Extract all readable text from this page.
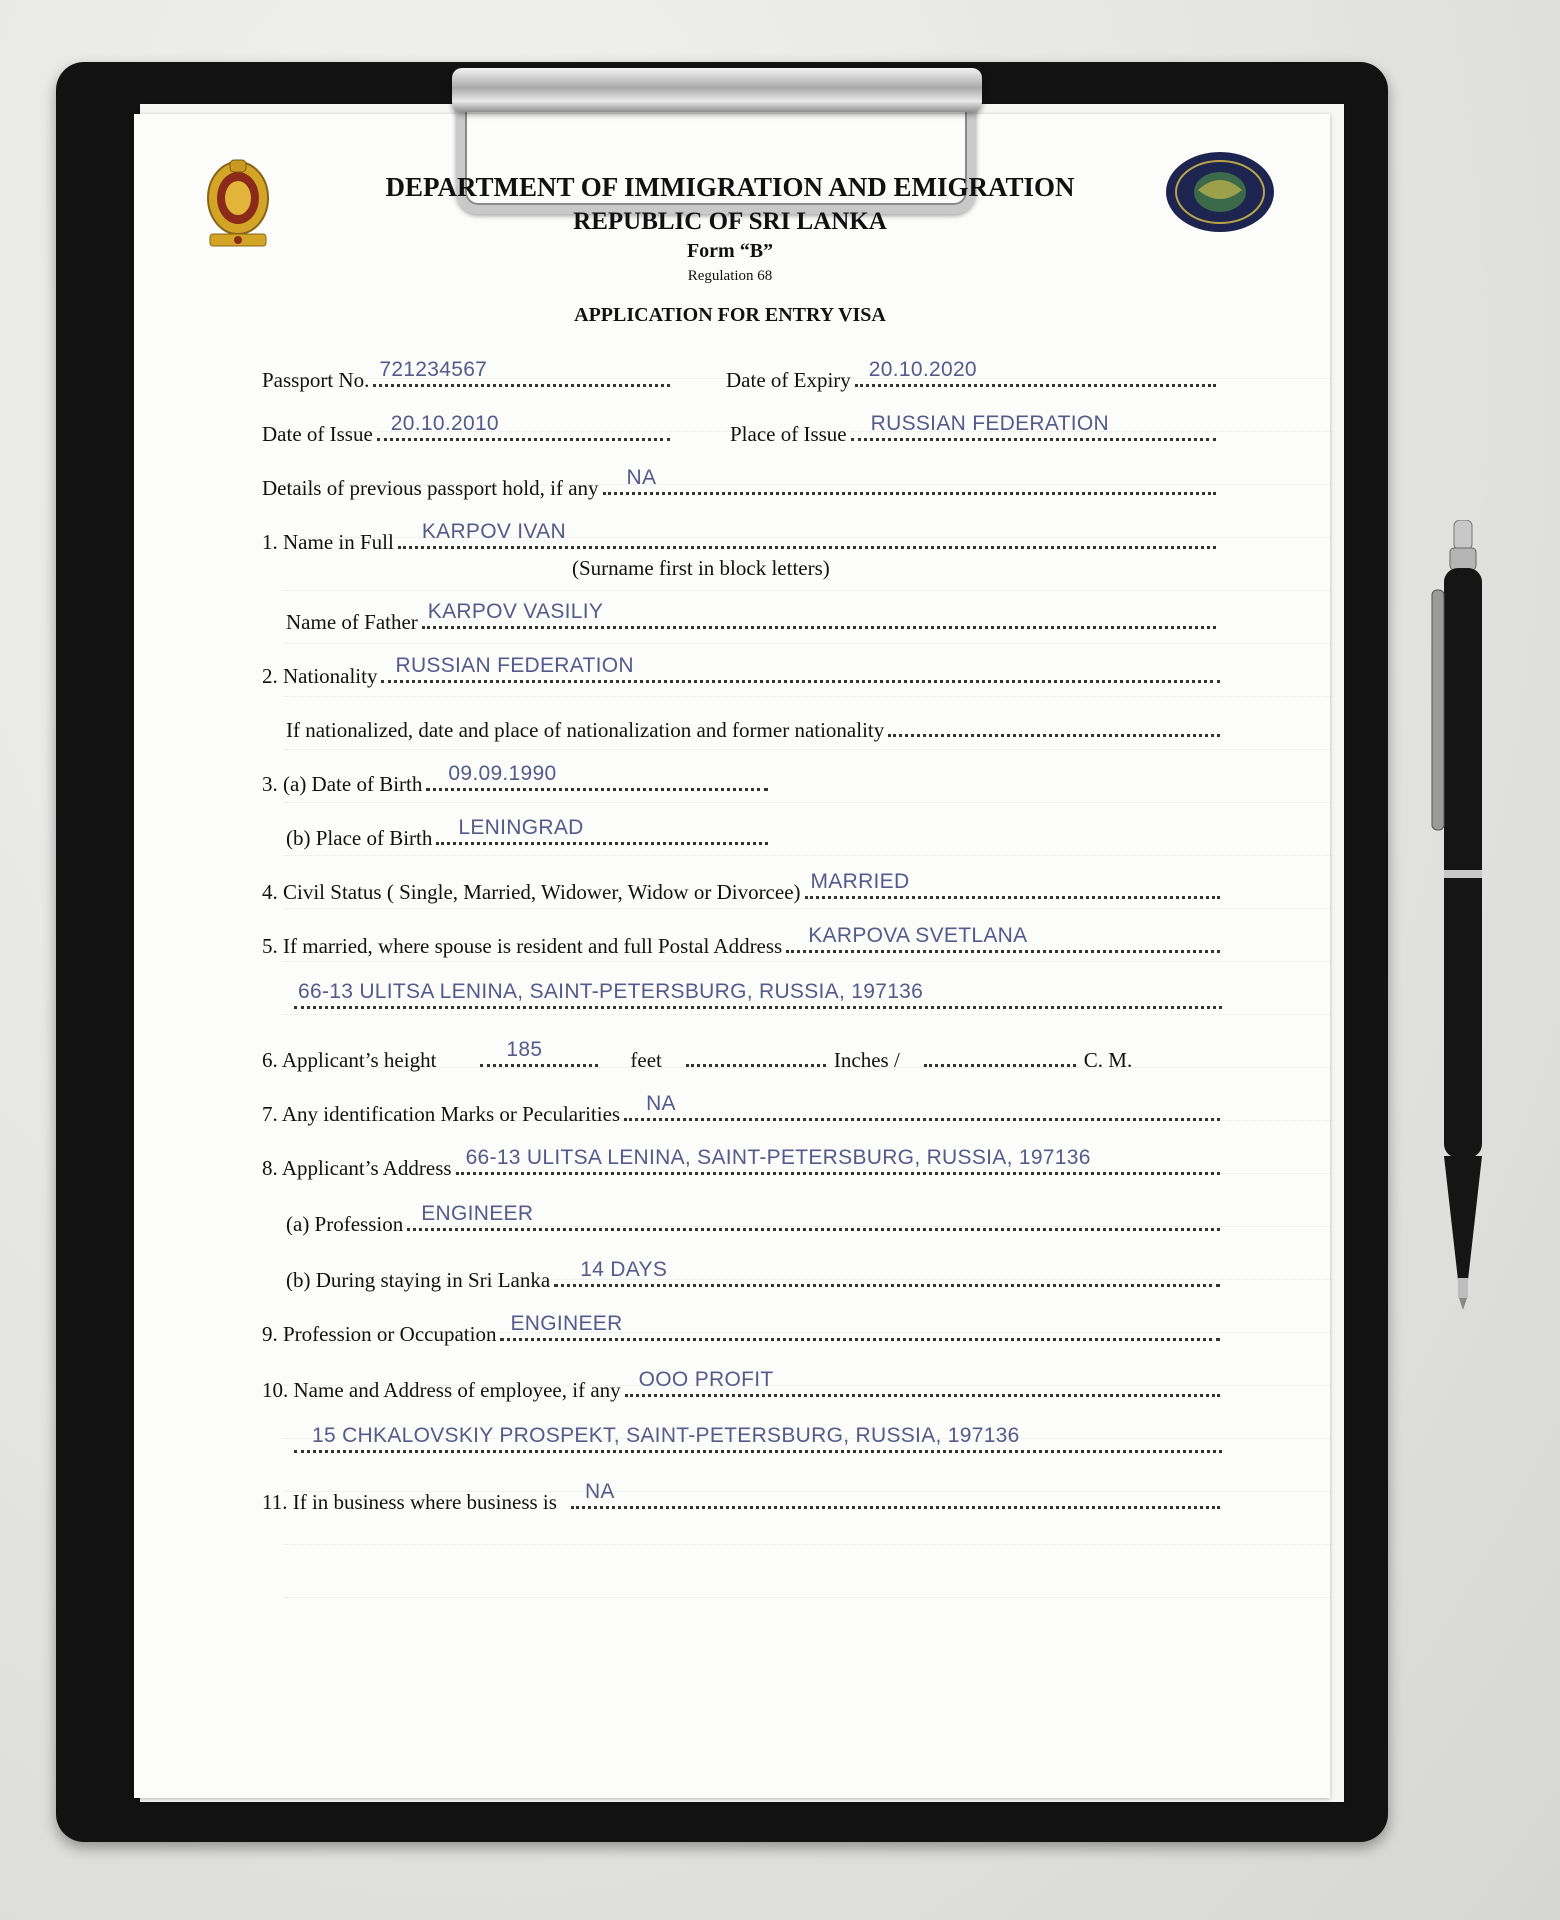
DEPARTMENT OF IMMIGRATION AND EMIGRATION
REPUBLIC OF SRI LANKA
Form “B”
Regulation 68
APPLICATION FOR ENTRY VISA
Passport No. 721234567	Date of Expiry 20.10.2020
Date of Issue 20.10.2010	Place of Issue RUSSIAN FEDERATION
Details of previous passport hold, if any NA
1. Name in Full KARPOV IVAN
(Surname first in block letters)
Name of Father KARPOV VASILIY
2. Nationality RUSSIAN FEDERATION
If nationalized, date and place of nationalization and former nationality
3. (a) Date of Birth 09.09.1990
(b) Place of Birth LENINGRAD
4. Civil Status ( Single, Married, Widower, Widow or Divorcee) MARRIED
5. If married, where spouse is resident and full Postal Address KARPOVA SVETLANA
66-13 ULITSA LENINA, SAINT-PETERSBURG, RUSSIA, 197136
6. Applicant’s height	185	feet	Inches /	C. M.
7. Any identification Marks or Pecularities NA
8. Applicant’s Address 66-13 ULITSA LENINA, SAINT-PETERSBURG, RUSSIA, 197136
(a) Profession ENGINEER
(b) During staying in Sri Lanka 14 DAYS
9. Profession or Occupation ENGINEER
10. Name and Address of employee, if any OOO PROFIT
15 CHKALOVSKIY PROSPEKT, SAINT-PETERSBURG, RUSSIA, 197136
11. If in business where business is NA
